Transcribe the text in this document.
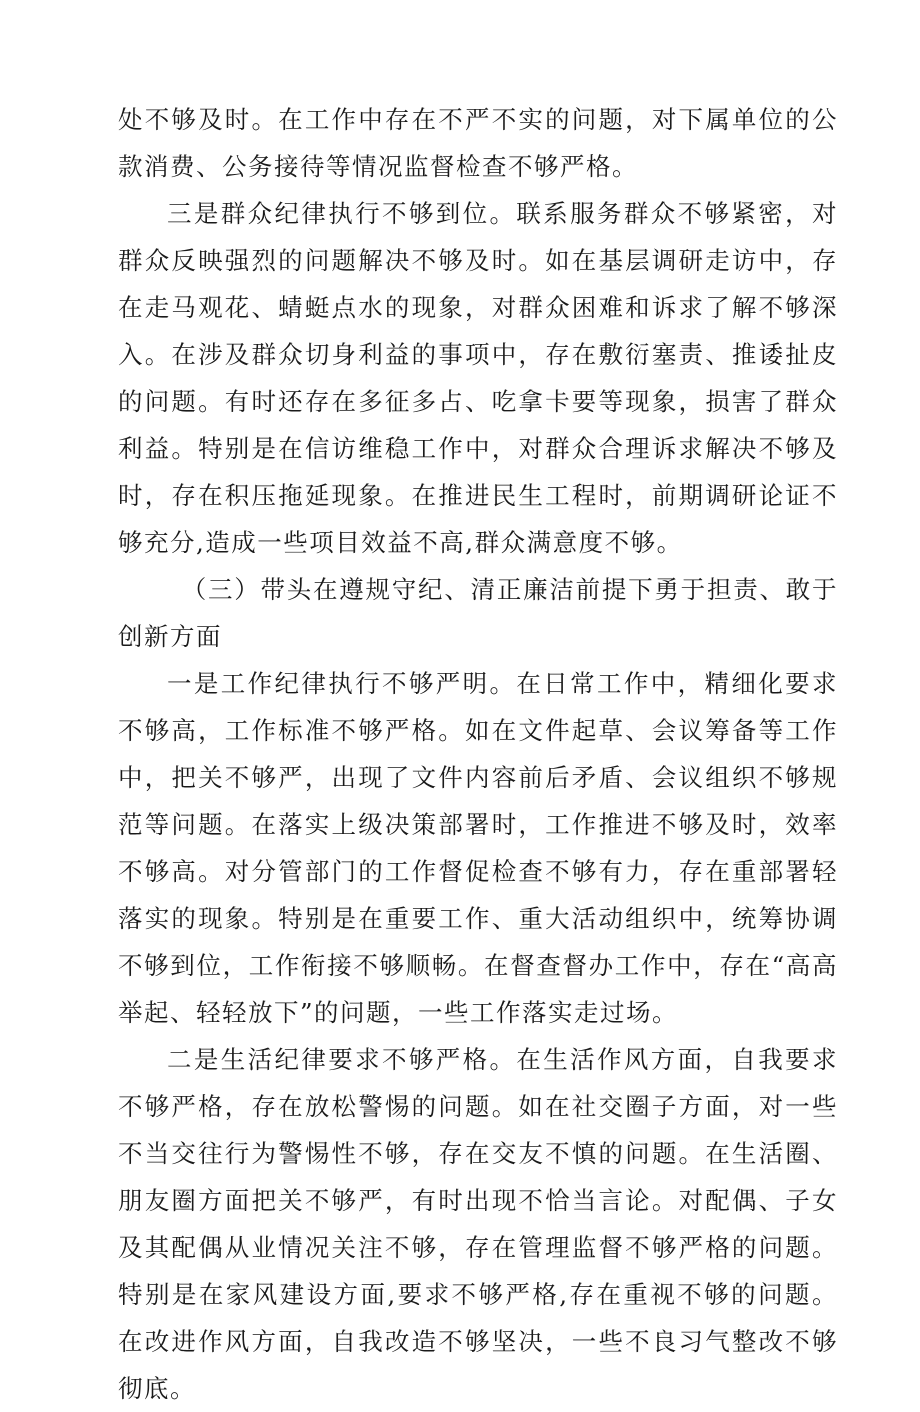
处不够及时。在工作中存在不严不实的问题，对下属单位的公款消费、公务接待等情况监督检查不够严格。

三是群众纪律执行不够到位。联系服务群众不够紧密，对群众反映强烈的问题解决不够及时。如在基层调研走访中，存在走马观花、蜻蜓点水的现象，对群众困难和诉求了解不够深入。在涉及群众切身利益的事项中，存在敷衍塞责、推诿扯皮的问题。有时还存在多征多占、吃拿卡要等现象，损害了群众利益。特别是在信访维稳工作中，对群众合理诉求解决不够及时，存在积压拖延现象。在推进民生工程时，前期调研论证不够充分,造成一些项目效益不高,群众满意度不够。

（三）带头在遵规守纪、清正廉洁前提下勇于担责、敢于创新方面

一是工作纪律执行不够严明。在日常工作中，精细化要求不够高，工作标准不够严格。如在文件起草、会议筹备等工作中，把关不够严，出现了文件内容前后矛盾、会议组织不够规范等问题。在落实上级决策部署时，工作推进不够及时，效率不够高。对分管部门的工作督促检查不够有力，存在重部署轻落实的现象。特别是在重要工作、重大活动组织中，统筹协调不够到位，工作衔接不够顺畅。在督查督办工作中，存在“高高举起、轻轻放下”的问题，一些工作落实走过场。

二是生活纪律要求不够严格。在生活作风方面，自我要求不够严格，存在放松警惕的问题。如在社交圈子方面，对一些不当交往行为警惕性不够，存在交友不慎的问题。在生活圈、朋友圈方面把关不够严，有时出现不恰当言论。对配偶、子女及其配偶从业情况关注不够，存在管理监督不够严格的问题。特别是在家风建设方面,要求不够严格,存在重视不够的问题。在改进作风方面，自我改造不够坚决，一些不良习气整改不够彻底。
